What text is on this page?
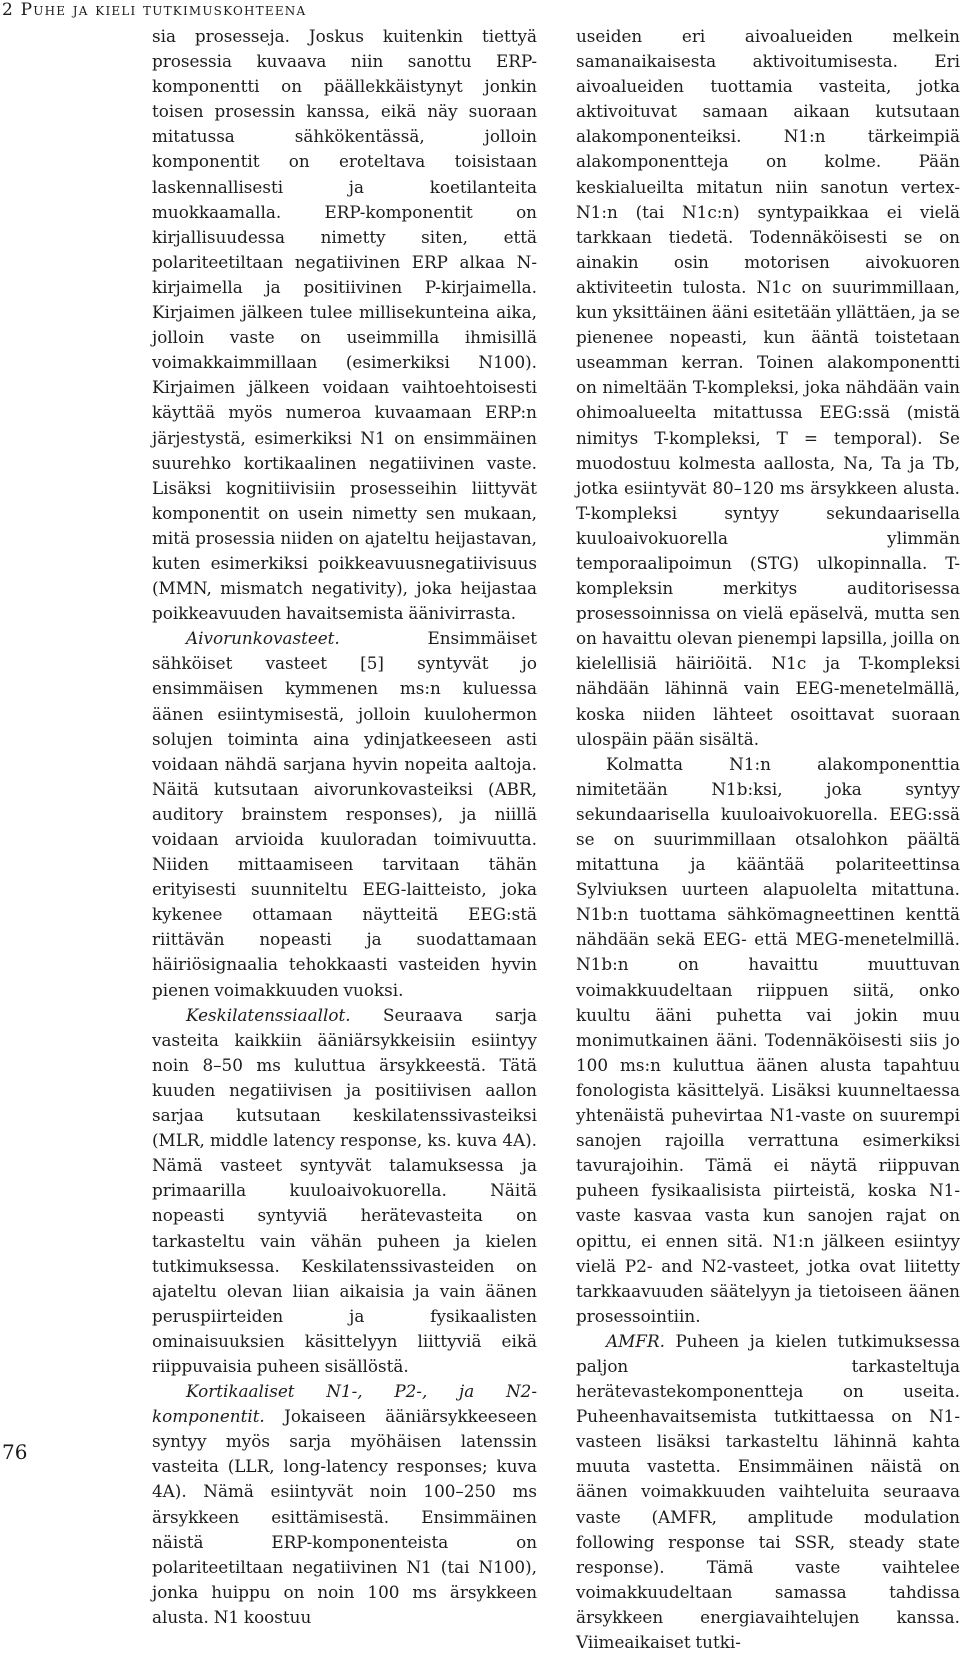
2 Puhe ja kieli tutkimuskohteena

sia prosesseja. Joskus kuitenkin tiettyä prosessia kuvaava niin sanottu ERP-komponentti on päällekkäistynyt jonkin toisen prosessin kanssa, eikä näy suoraan mitatussa sähkökentässä, jolloin komponentit on eroteltava toisistaan laskennallisesti ja koetilanteita muokkaamalla. ERP-komponentit on kirjallisuudessa nimetty siten, että polariteetiltaan negatiivinen ERP alkaa N-kirjaimella ja positiivinen P-kirjaimella. Kirjaimen jälkeen tulee millisekunteina aika, jolloin vaste on useimmilla ihmisillä voimakkaimmillaan (esimerkiksi N100). Kirjaimen jälkeen voidaan vaihtoehtoisesti käyttää myös numeroa kuvaamaan ERP:n järjestystä, esimerkiksi N1 on ensimmäinen suurehko kortikaalinen negatiivinen vaste. Lisäksi kognitiivisiin prosesseihin liittyvät komponentit on usein nimetty sen mukaan, mitä prosessia niiden on ajateltu heijastavan, kuten esimerkiksi poikkeavuusnegatiivisuus (MMN, mismatch negativity), joka heijastaa poikkeavuuden havaitsemista äänivirrasta.

Aivorunkovasteet. Ensimmäiset sähköiset vasteet [5] syntyvät jo ensimmäisen kymmenen ms:n kuluessa äänen esiintymisestä, jolloin kuulohermon solujen toiminta aina ydinjatkeeseen asti voidaan nähdä sarjana hyvin nopeita aaltoja. Näitä kutsutaan aivorunkovasteiksi (ABR, auditory brainstem responses), ja niillä voidaan arvioida kuuloradan toimivuutta. Niiden mittaamiseen tarvitaan tähän erityisesti suunniteltu EEG-laitteisto, joka kykenee ottamaan näytteitä EEG:stä riittävän nopeasti ja suodattamaan häiriösignaalia tehokkaasti vasteiden hyvin pienen voimakkuuden vuoksi.

Keskilatenssiaallot. Seuraava sarja vasteita kaikkiin ääniärsykkeisiin esiintyy noin 8–50 ms kuluttua ärsykkeestä. Tätä kuuden negatiivisen ja positiivisen aallon sarjaa kutsutaan keskilatenssivasteiksi (MLR, middle latency response, ks. kuva 4A). Nämä vasteet syntyvät talamuksessa ja primaarilla kuuloaivokuorella. Näitä nopeasti syntyviä herätevasteita on tarkasteltu vain vähän puheen ja kielen tutkimuksessa. Keskilatenssivasteiden on ajateltu olevan liian aikaisia ja vain äänen peruspiirteiden ja fysikaalisten ominaisuuksien käsittelyyn liittyviä eikä riippuvaisia puheen sisällöstä.

Kortikaaliset N1-, P2-, ja N2-komponentit. Jokaiseen ääniärsykkeeseen syntyy myös sarja myöhäisen latenssin vasteita (LLR, long-latency responses; kuva 4A). Nämä esiintyvät noin 100–250 ms ärsykkeen esittämisestä. Ensimmäinen näistä ERP-komponenteista on polariteetiltaan negatiivinen N1 (tai N100), jonka huippu on noin 100 ms ärsykkeen alusta. N1 koostuu

useiden eri aivoalueiden melkein samanaikaisesta aktivoitumisesta. Eri aivoalueiden tuottamia vasteita, jotka aktivoituvat samaan aikaan kutsutaan alakomponenteiksi. N1:n tärkeimpiä alakomponentteja on kolme. Pään keskialueilta mitatun niin sanotun vertex-N1:n (tai N1c:n) syntypaikkaa ei vielä tarkkaan tiedetä. Todennäköisesti se on ainakin osin motorisen aivokuoren aktiviteetin tulosta. N1c on suurimmillaan, kun yksittäinen ääni esitetään yllättäen, ja se pienenee nopeasti, kun ääntä toistetaan useamman kerran. Toinen alakomponentti on nimeltään T-kompleksi, joka nähdään vain ohimoalueelta mitattussa EEG:ssä (mistä nimitys T-kompleksi, T = temporal). Se muodostuu kolmesta aallosta, Na, Ta ja Tb, jotka esiintyvät 80–120 ms ärsykkeen alusta. T-kompleksi syntyy sekundaarisella kuuloaivokuorella ylimmän temporaalipoimun (STG) ulkopinnalla. T-kompleksin merkitys auditorisessa prosessoinnissa on vielä epäselvä, mutta sen on havaittu olevan pienempi lapsilla, joilla on kielellisiä häiriöitä. N1c ja T-kompleksi nähdään lähinnä vain EEG-menetelmällä, koska niiden lähteet osoittavat suoraan ulospäin pään sisältä.

Kolmatta N1:n alakomponenttia nimitetään N1b:ksi, joka syntyy sekundaarisella kuuloaivokuorella. EEG:ssä se on suurimmillaan otsalohkon päältä mitattuna ja kääntää polariteettinsa Sylviuksen uurteen alapuolelta mitattuna. N1b:n tuottama sähkömagneettinen kenttä nähdään sekä EEG- että MEG-menetelmillä. N1b:n on havaittu muuttuvan voimakkuudeltaan riippuen siitä, onko kuultu ääni puhetta vai jokin muu monimutkainen ääni. Todennäköisesti siis jo 100 ms:n kuluttua äänen alusta tapahtuu fonologista käsittelyä. Lisäksi kuunneltaessa yhtenäistä puhevirtaa N1-vaste on suurempi sanojen rajoilla verrattuna esimerkiksi tavurajoihin. Tämä ei näytä riippuvan puheen fysikaalisista piirteistä, koska N1-vaste kasvaa vasta kun sanojen rajat on opittu, ei ennen sitä. N1:n jälkeen esiintyy vielä P2- and N2-vasteet, jotka ovat liitetty tarkkaavuuden säätelyyn ja tietoiseen äänen prosessointiin.

AMFR. Puheen ja kielen tutkimuksessa paljon tarkasteltuja herätevastekomponentteja on useita. Puheenhavaitsemista tutkittaessa on N1-vasteen lisäksi tarkasteltu lähinnä kahta muuta vastetta. Ensimmäinen näistä on äänen voimakkuuden vaihteluita seuraava vaste (AMFR, amplitude modulation following response tai SSR, steady state response). Tämä vaste vaihtelee voimakkuudeltaan samassa tahdissa ärsykkeen energiavaihtelujen kanssa. Viimeaikaiset tutki-

76
